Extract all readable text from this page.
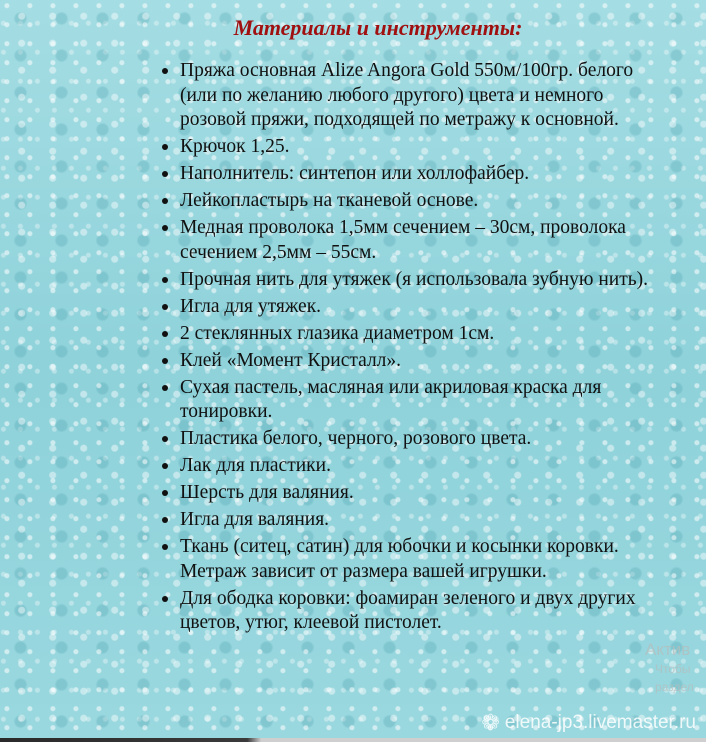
Материалы и инструменты:
Пряжа основная Alize Angora Gold 550м/100гр. белого (или по желанию любого другого) цвета и немного розовой пряжи, подходящей по метражу к основной.
Крючок 1,25.
Наполнитель: синтепон или холлофайбер.
Лейкопластырь на тканевой основе.
Медная проволока 1,5мм сечением – 30см, проволока сечением 2,5мм – 55см.
Прочная нить для утяжек (я использовала зубную нить).
Игла для утяжек.
2 стеклянных глазика диаметром 1см.
Клей «Момент Кристалл».
Сухая пастель, масляная или акриловая краска для тонировки.
Пластика белого, черного, розового цвета.
Лак для пластики.
Шерсть для валяния.
Игла для валяния.
Ткань (ситец, сатин) для юбочки и косынки коровки. Метраж зависит от размера вашей игрушки.
Для ободка коровки: фоамиран зеленого и двух других цветов, утюг, клеевой пистолет.
Актив
Чтобы
раздел
❁ elena-jp3.livemaster.ru
